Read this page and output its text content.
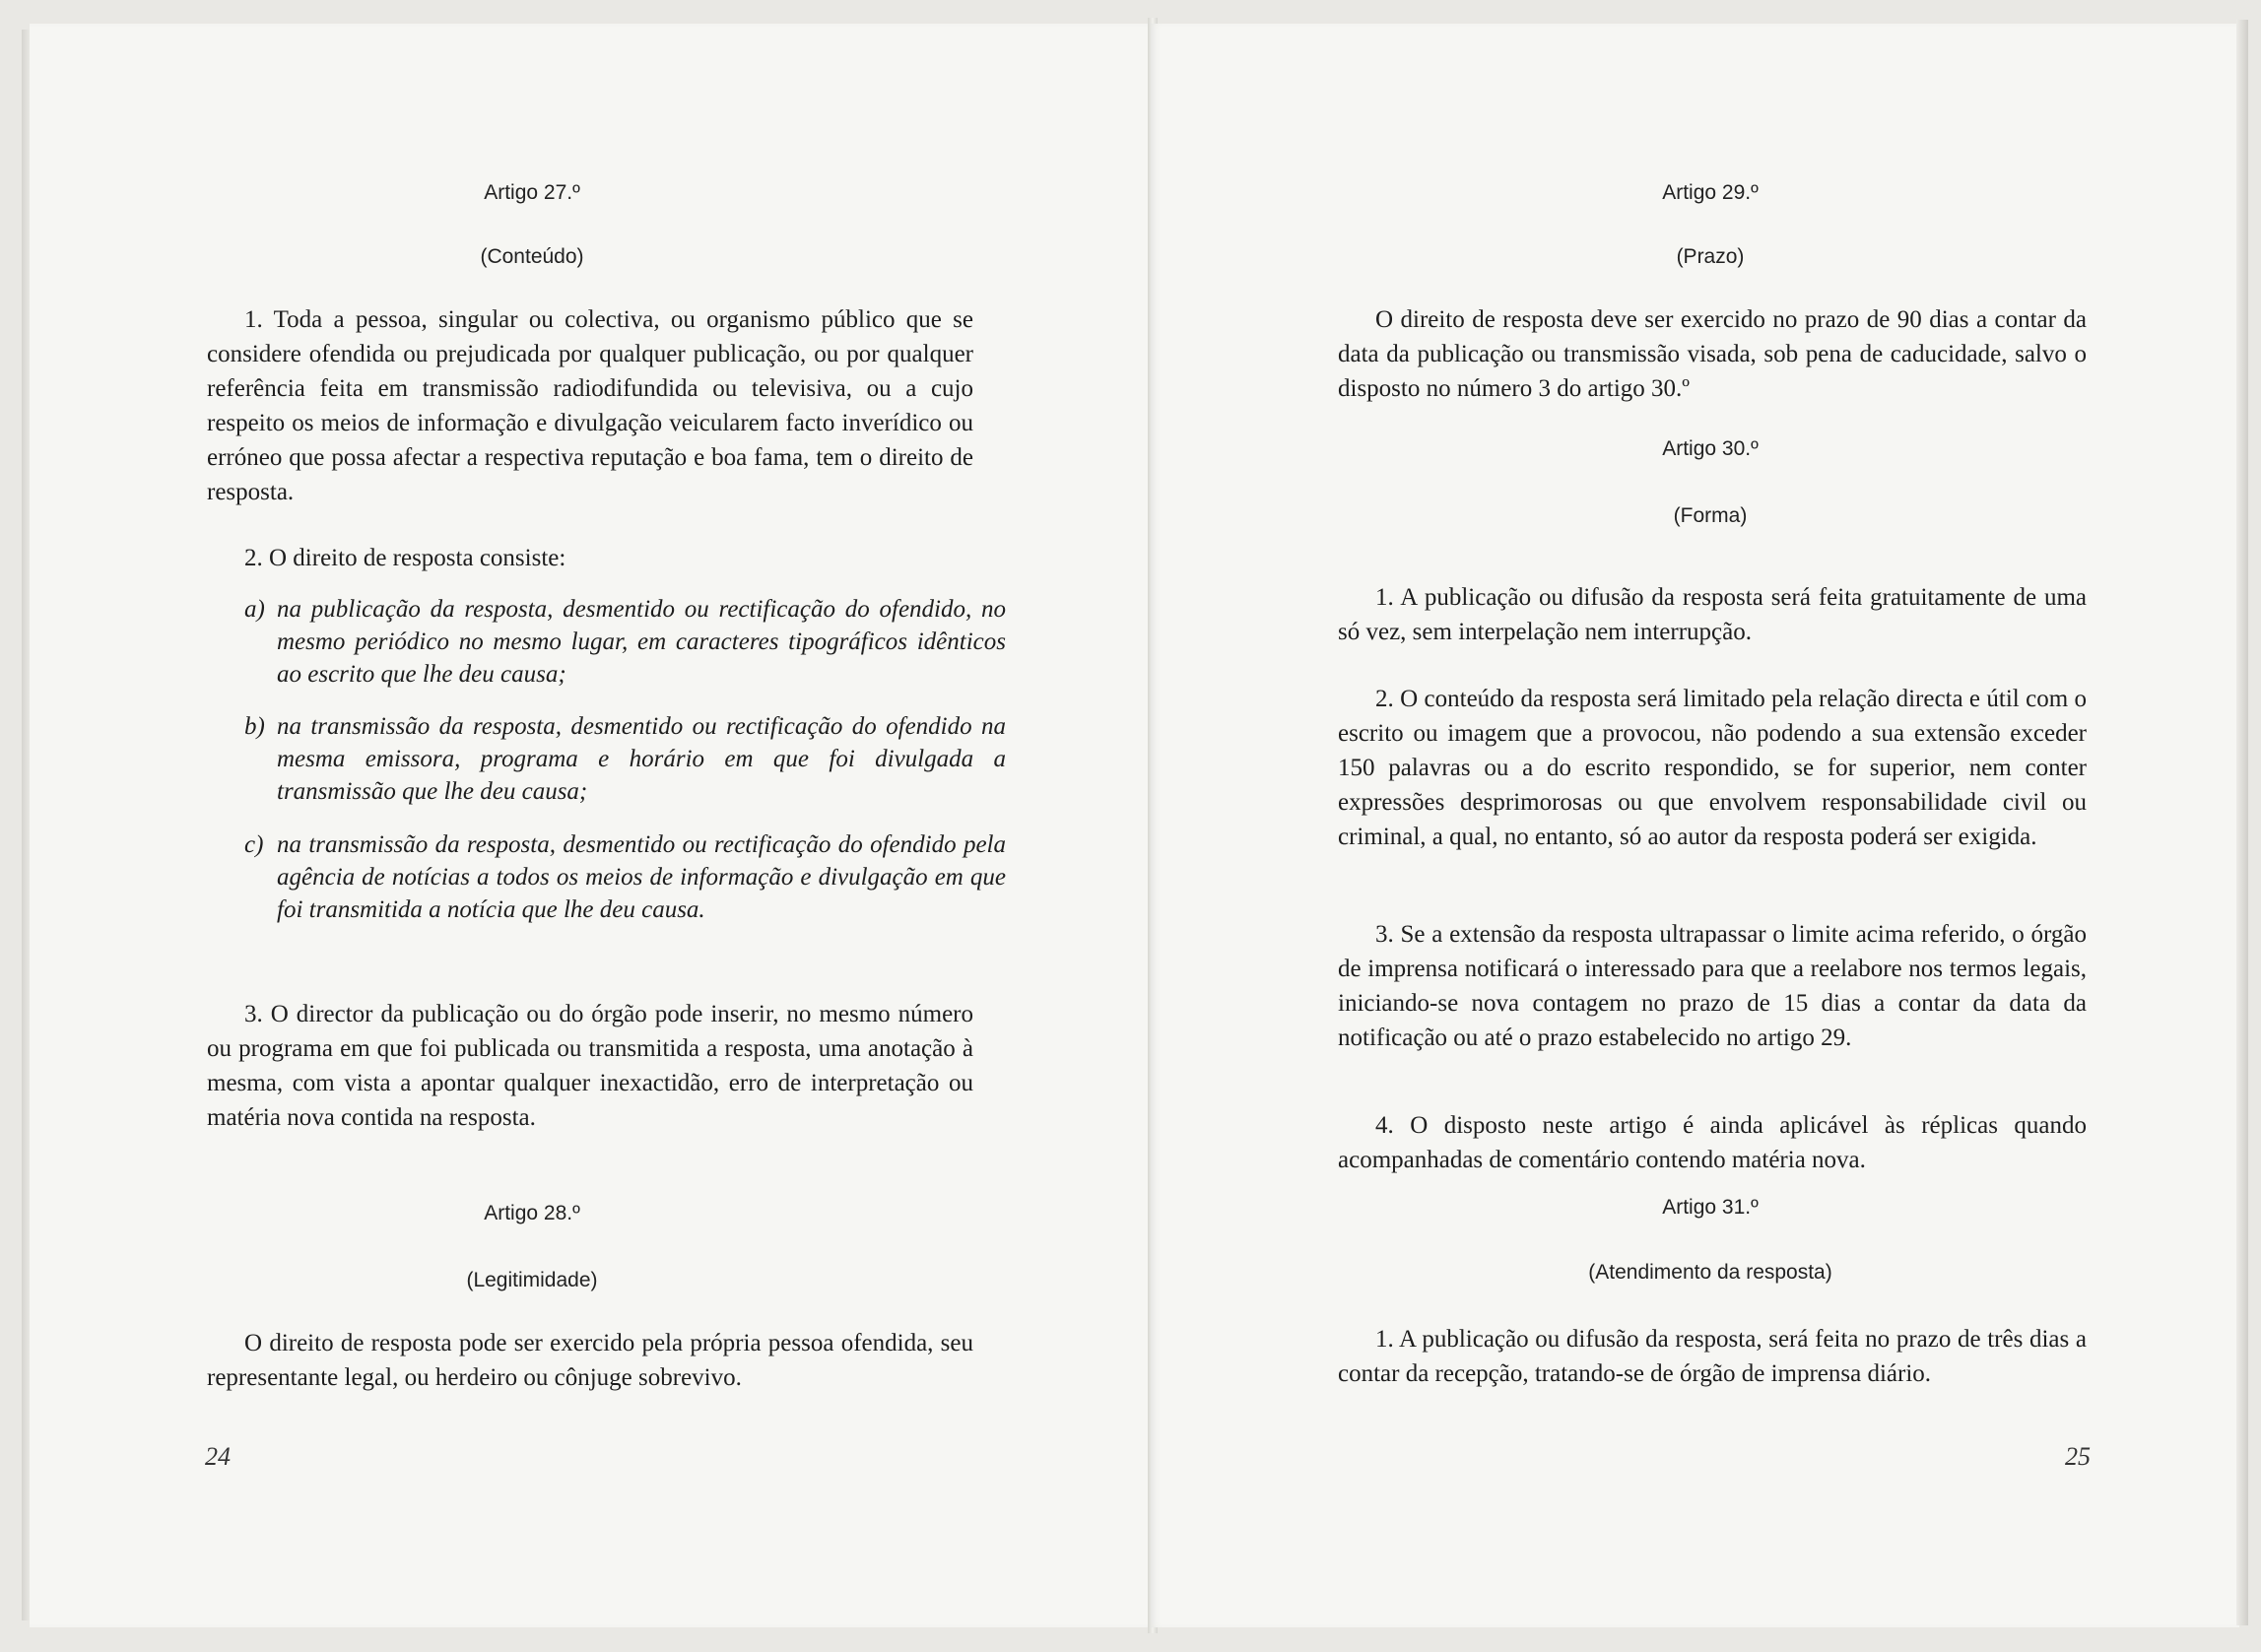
Artigo 27.º
(Conteúdo)
1. Toda a pessoa, singular ou colectiva, ou organismo público que se considere ofendida ou prejudicada por qualquer publicação, ou por qualquer referência feita em transmissão radiodifundida ou televisiva, ou a cujo respeito os meios de informação e divulgação veicularem facto inverídico ou erróneo que possa afectar a respectiva reputação e boa fama, tem o direito de resposta.
2. O direito de resposta consiste:
a) na publicação da resposta, desmentido ou rectificação do ofendido, no mesmo periódico no mesmo lugar, em caracteres tipográficos idênticos ao escrito que lhe deu causa;
b) na transmissão da resposta, desmentido ou rectificação do ofendido na mesma emissora, programa e horário em que foi divulgada a transmissão que lhe deu causa;
c) na transmissão da resposta, desmentido ou rectificação do ofendido pela agência de notícias a todos os meios de informação e divulgação em que foi transmitida a notícia que lhe deu causa.
3. O director da publicação ou do órgão pode inserir, no mesmo número ou programa em que foi publicada ou transmitida a resposta, uma anotação à mesma, com vista a apontar qualquer inexactidão, erro de interpretação ou matéria nova contida na resposta.
Artigo 28.º
(Legitimidade)
O direito de resposta pode ser exercido pela própria pessoa ofendida, seu representante legal, ou herdeiro ou cônjuge sobrevivo.
24
Artigo 29.º
(Prazo)
O direito de resposta deve ser exercido no prazo de 90 dias a contar da data da publicação ou transmissão visada, sob pena de caducidade, salvo o disposto no número 3 do artigo 30.º
Artigo 30.º
(Forma)
1. A publicação ou difusão da resposta será feita gratuitamente de uma só vez, sem interpelação nem interrupção.
2. O conteúdo da resposta será limitado pela relação directa e útil com o escrito ou imagem que a provocou, não podendo a sua extensão exceder 150 palavras ou a do escrito respondido, se for superior, nem conter expressões desprimorosas ou que envolvem responsabilidade civil ou criminal, a qual, no entanto, só ao autor da resposta poderá ser exigida.
3. Se a extensão da resposta ultrapassar o limite acima referido, o órgão de imprensa notificará o interessado para que a reelabore nos termos legais, iniciando-se nova contagem no prazo de 15 dias a contar da data da notificação ou até o prazo estabelecido no artigo 29.
4. O disposto neste artigo é ainda aplicável às réplicas quando acompanhadas de comentário contendo matéria nova.
Artigo 31.º
(Atendimento da resposta)
1. A publicação ou difusão da resposta, será feita no prazo de três dias a contar da recepção, tratando-se de órgão de imprensa diário.
25
